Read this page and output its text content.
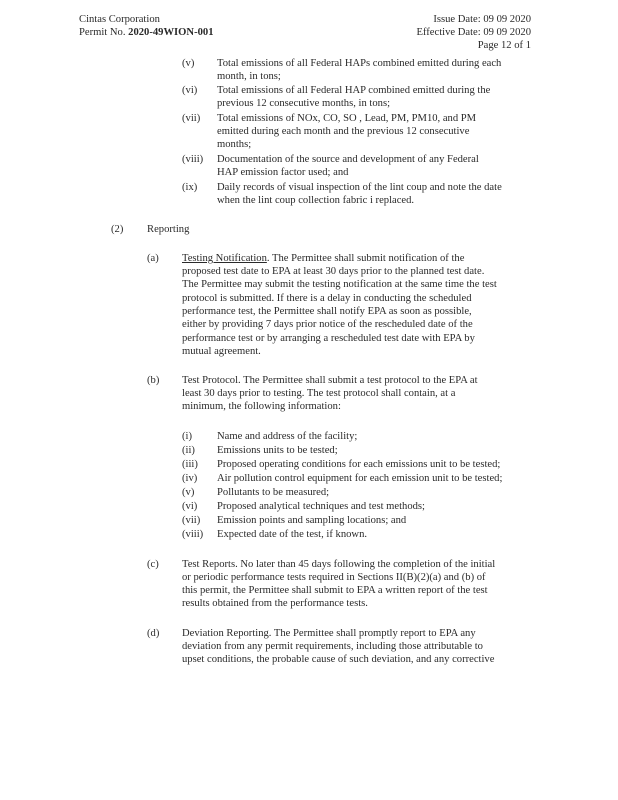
Cintas Corporation
Permit No. 2020-49WION-001
Issue Date: 09 09 2020
Effective Date: 09 09 2020
Page 12 of 1
(v) Total emissions of all Federal HAPs combined emitted during each
month, in tons;
(vi) Total emissions of all Federal HAP combined emitted during the
previous 12 consecutive months, in tons;
(vii) Total emissions of NOx, CO, SO , Lead, PM, PM10, and PM
emitted during each month and the previous 12 consecutive
months;
(viii) Documentation of the source and development of any Federal
HAP emission factor used; and
(ix) Daily records of visual inspection of the lint coup and note the date
when the lint coup collection fabric i replaced.
(2) Reporting
(a) Testing Notification. The Permittee shall submit notification of the
proposed test date to EPA at least 30 days prior to the planned test date.
The Permittee may submit the testing notification at the same time the test
protocol is submitted. If there is a delay in conducting the scheduled
performance test, the Permittee shall notify EPA as soon as possible,
either by providing 7 days prior notice of the rescheduled date of the
performance test or by arranging a rescheduled test date with EPA by
mutual agreement.
(b) Test Protocol. The Permittee shall submit a test protocol to the EPA at
least 30 days prior to testing. The test protocol shall contain, at a
minimum, the following information:
(i) Name and address of the facility;
(ii) Emissions units to be tested;
(iii) Proposed operating conditions for each emissions unit to be tested;
(iv) Air pollution control equipment for each emission unit to be tested;
(v) Pollutants to be measured;
(vi) Proposed analytical techniques and test methods;
(vii) Emission points and sampling locations; and
(viii) Expected date of the test, if known.
(c) Test Reports. No later than 45 days following the completion of the initial
or periodic performance tests required in Sections II(B)(2)(a) and (b) of
this permit, the Permittee shall submit to EPA a written report of the test
results obtained from the performance tests.
(d) Deviation Reporting. The Permittee shall promptly report to EPA any
deviation from any permit requirements, including those attributable to
upset conditions, the probable cause of such deviation, and any corrective
